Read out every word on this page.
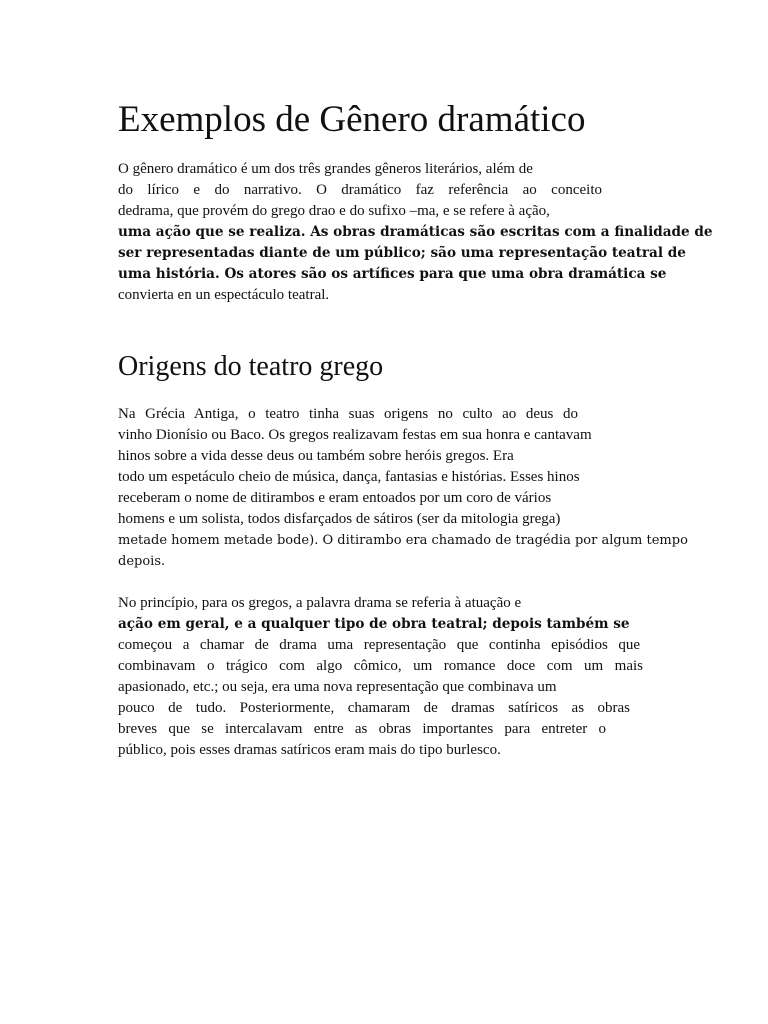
Exemplos de Gênero dramático
O gênero dramático é um dos três grandes gêneros literários, além de
do lírico e do narrativo. O dramático faz referência ao conceito
dedrama, que provém do grego drao e do sufixo –ma, e se refere à ação,
uma ação que se realiza. As obras dramáticas são escritas com a finalidade de
ser representadas diante de um público; são uma representação teatral de
uma história. Os atores são os artífices para que uma obra dramática se
convierta en un espectáculo teatral.
Origens do teatro grego
Na Grécia Antiga, o teatro tinha suas origens no culto ao deus do
vinho Dionísio ou Baco. Os gregos realizavam festas em sua honra e cantavam
hinos sobre a vida desse deus ou também sobre heróis gregos. Era
todo um espetáculo cheio de música, dança, fantasias e histórias. Esses hinos
receberam o nome de ditirambos e eram entoados por um coro de vários
homens e um solista, todos disfarçados de sátiros (ser da mitologia grega)
metade homem metade bode). O ditirambo era chamado de tragédia por algum tempo
depois.
No princípio, para os gregos, a palavra drama se referia à atuação e
ação em geral, e a qualquer tipo de obra teatral; depois também se
começou a chamar de drama uma representação que continha episódios que
combinavam o trágico com algo cômico, um romance doce com um mais
apasionado, etc.; ou seja, era uma nova representação que combinava um
pouco de tudo. Posteriormente, chamaram de dramas satíricos as obras
breves que se intercalavam entre as obras importantes para entreter o
público, pois esses dramas satíricos eram mais do tipo burlesco.
